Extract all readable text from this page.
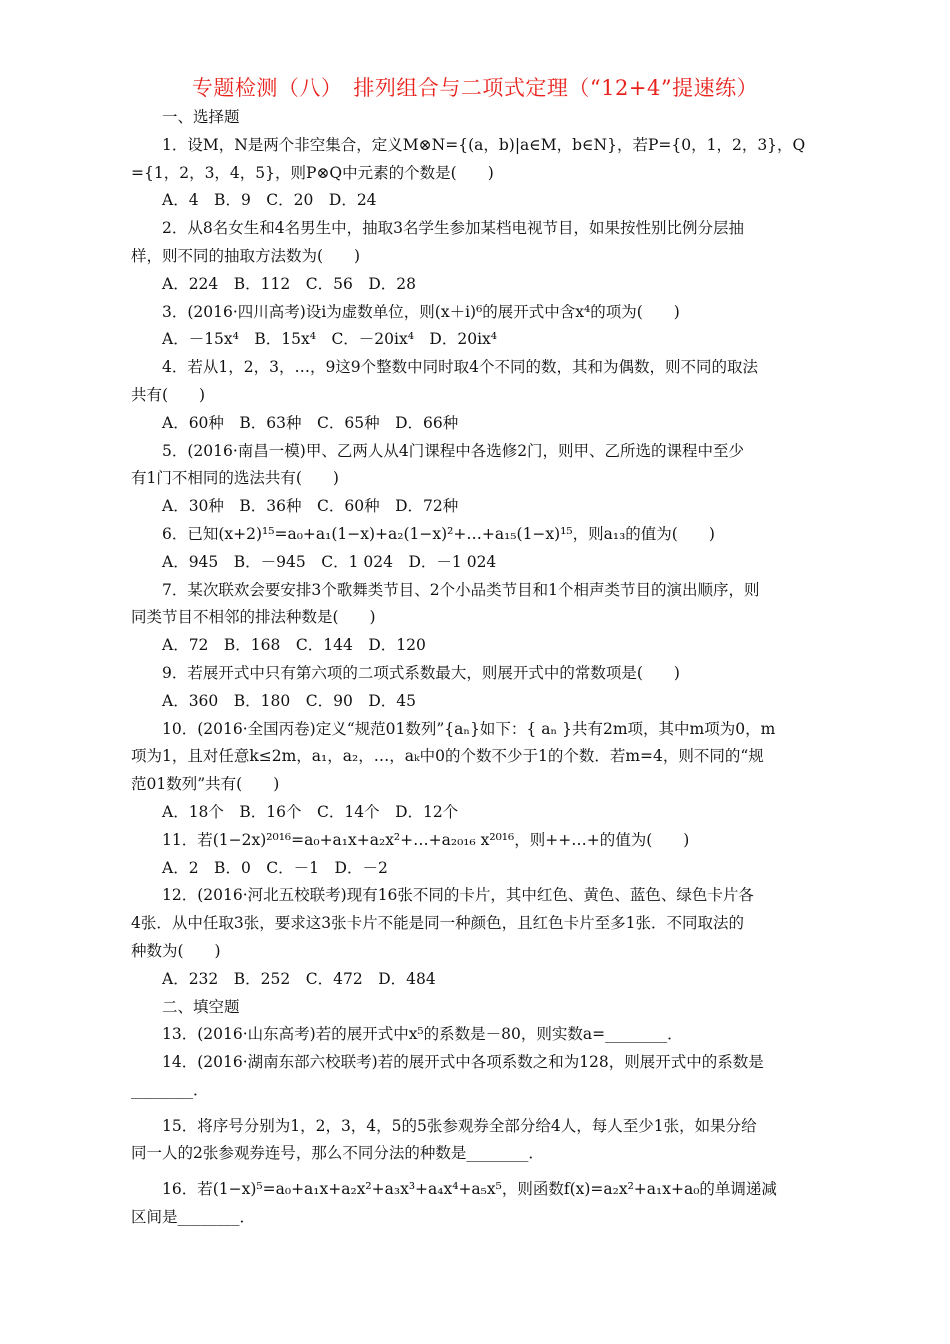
专题检测（八）　排列组合与二项式定理（“12+4”提速练）
一、选择题
1．设M，N是两个非空集合，定义M⊗N={(a，b)|a∈M，b∈N}，若P={0，1，2，3}，Q
={1，2，3，4，5}，则P⊗Q中元素的个数是(　　)
A．4　B．9　C．20　D．24
2．从8名女生和4名男生中，抽取3名学生参加某档电视节目，如果按性别比例分层抽
样，则不同的抽取方法数为(　　)
A．224　B．112　C．56　D．28
3．(2016·四川高考)设i为虚数单位，则(x＋i)⁶的展开式中含x⁴的项为(　　)
A．－15x⁴　B．15x⁴　C．－20ix⁴　D．20ix⁴
4．若从1，2，3，…，9这9个整数中同时取4个不同的数，其和为偶数，则不同的取法
共有(　　)
A．60种　B．63种　C．65种　D．66种
5．(2016·南昌一模)甲、乙两人从4门课程中各选修2门，则甲、乙所选的课程中至少
有1门不相同的选法共有(　　)
A．30种　B．36种　C．60种　D．72种
6．已知(x+2)¹⁵=a₀+a₁(1−x)+a₂(1−x)²+…+a₁₅(1−x)¹⁵，则a₁₃的值为(　　)
A．945　B．－945　C．1 024　D．－1 024
7．某次联欢会要安排3个歌舞类节目、2个小品类节目和1个相声类节目的演出顺序，则
同类节目不相邻的排法种数是(　　)
A．72　B．168　C．144　D．120
9．若展开式中只有第六项的二项式系数最大，则展开式中的常数项是(　　)
A．360　B．180　C．90　D．45
10．(2016·全国丙卷)定义“规范01数列”{aₙ}如下：{ aₙ }共有2m项，其中m项为0，m
项为1，且对任意k≤2m，a₁，a₂，…，aₖ中0的个数不少于1的个数．若m=4，则不同的“规
范01数列”共有(　　)
A．18个　B．16个　C．14个　D．12个
11．若(1−2x)²⁰¹⁶=a₀+a₁x+a₂x²+…+a₂₀₁₆ x²⁰¹⁶，则++…+的值为(　　)
A．2　B．0　C．－1　D．－2
12．(2016·河北五校联考)现有16张不同的卡片，其中红色、黄色、蓝色、绿色卡片各
4张．从中任取3张，要求这3张卡片不能是同一种颜色，且红色卡片至多1张．不同取法的
种数为(　　)
A．232　B．252　C．472　D．484
二、填空题
13．(2016·山东高考)若的展开式中x⁵的系数是－80，则实数a=________．
14．(2016·湖南东部六校联考)若的展开式中各项系数之和为128，则展开式中的系数是
________．
15．将序号分别为1，2，3，4，5的5张参观券全部分给4人，每人至少1张，如果分给
同一人的2张参观券连号，那么不同分法的种数是________．
16．若(1−x)⁵=a₀+a₁x+a₂x²+a₃x³+a₄x⁴+a₅x⁵，则函数f(x)=a₂x²+a₁x+a₀的单调递减
区间是________．
